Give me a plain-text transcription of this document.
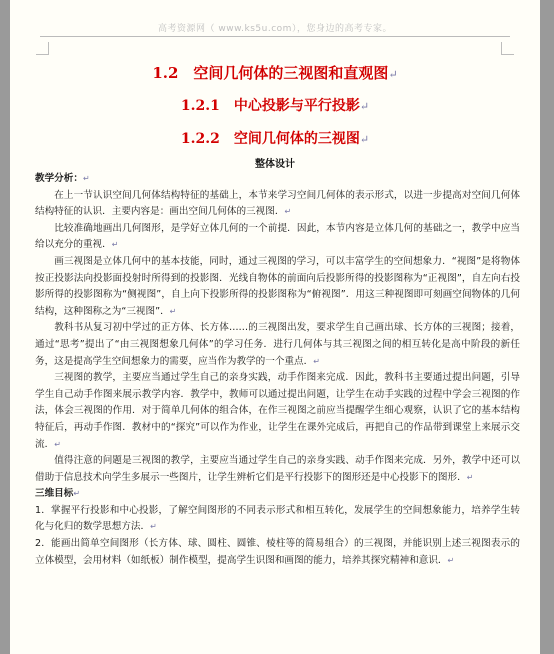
高考资源网（ www.ks5u.com），您身边的高考专家。
1.2　空间几何体的三视图和直观图↵
1.2.1　中心投影与平行投影↵
1.2.2　空间几何体的三视图↵
整体设计

教学分析：↵

在上一节认识空间几何体结构特征的基础上，本节来学习空间几何体的表示形式，以进一步提高对空间几何体结构特征的认识．主要内容是：画出空间几何体的三视图．↵

比较准确地画出几何图形，是学好立体几何的一个前提．因此，本节内容是立体几何的基础之一，教学中应当给以充分的重视．↵

画三视图是立体几何中的基本技能，同时，通过三视图的学习，可以丰富学生的空间想象力．“视图”是将物体按正投影法向投影面投射时所得到的投影图．光线自物体的前面向后投影所得的投影图称为“正视图”，自左向右投影所得的投影图称为“侧视图”，自上向下投影所得的投影图称为“俯视图”．用这三种视图即可刻画空间物体的几何结构，这种图称之为“三视图”．↵

教科书从复习初中学过的正方体、长方体……的三视图出发，要求学生自己画出球、长方体的三视图；接着，通过“思考”提出了“由三视图想象几何体”的学习任务．进行几何体与其三视图之间的相互转化是高中阶段的新任务，这是提高学生空间想象力的需要，应当作为教学的一个重点．↵

三视图的教学，主要应当通过学生自己的亲身实践，动手作图来完成．因此，教科书主要通过提出问题，引导学生自己动手作图来展示教学内容．教学中，教师可以通过提出问题，让学生在动手实践的过程中学会三视图的作法，体会三视图的作用．对于简单几何体的组合体，在作三视图之前应当提醒学生细心观察，认识了它的基本结构特征后，再动手作图．教材中的“探究”可以作为作业，让学生在课外完成后，再把自己的作品带到课堂上来展示交流．↵

值得注意的问题是三视图的教学，主要应当通过学生自己的亲身实践、动手作图来完成．另外，教学中还可以借助于信息技术向学生多展示一些图片，让学生辨析它们是平行投影下的图形还是中心投影下的图形．↵

三维目标↵

1．掌握平行投影和中心投影，了解空间图形的不同表示形式和相互转化，发展学生的空间想象能力，培养学生转化与化归的数学思想方法．↵

2．能画出简单空间图形（长方体、球、圆柱、圆锥、棱柱等的简易组合）的三视图，并能识别上述三视图表示的立体模型，会用材料（如纸板）制作模型，提高学生识图和画图的能力，培养其探究精神和意识．↵
